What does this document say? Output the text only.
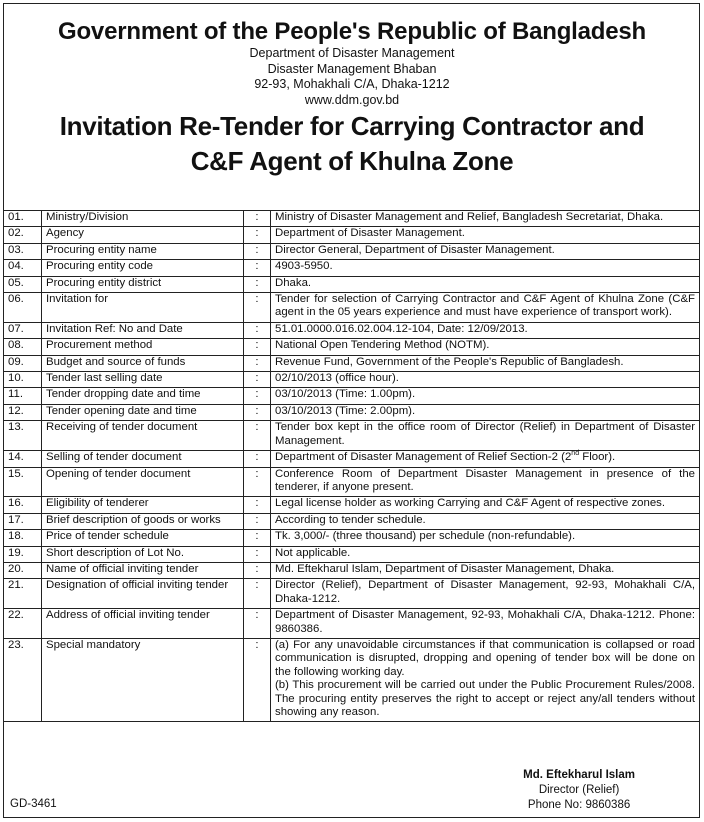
Government of the People's Republic of Bangladesh
Department of Disaster Management
Disaster Management Bhaban
92-93, Mohakhali C/A, Dhaka-1212
www.ddm.gov.bd
Invitation Re-Tender for Carrying Contractor and
C&F Agent of Khulna Zone
01.	Ministry/Division	:	Ministry of Disaster Management and Relief, Bangladesh Secretariat, Dhaka.
02.	Agency	:	Department of Disaster Management.
03.	Procuring entity name	:	Director General, Department of Disaster Management.
04.	Procuring entity code	:	4903-5950.
05.	Procuring entity district	:	Dhaka.
06.	Invitation for	:	Tender for selection of Carrying Contractor and C&F Agent of Khulna Zone (C&F agent in the 05 years experience and must have experience of transport work).
07.	Invitation Ref: No and Date	:	51.01.0000.016.02.004.12-104, Date: 12/09/2013.
08.	Procurement method	:	National Open Tendering Method (NOTM).
09.	Budget and source of funds	:	Revenue Fund, Government of the People's Republic of Bangladesh.
10.	Tender last selling date	:	02/10/2013 (office hour).
11.	Tender dropping date and time	:	03/10/2013 (Time: 1.00pm).
12.	Tender opening date and time	:	03/10/2013 (Time: 2.00pm).
13.	Receiving of tender document	:	Tender box kept in the office room of Director (Relief) in Department of Disaster Management.
14.	Selling of tender document	:	Department of Disaster Management of Relief Section-2 (2nd Floor).
15.	Opening of tender document	:	Conference Room of Department Disaster Management in presence of the tenderer, if anyone present.
16.	Eligibility of tenderer	:	Legal license holder as working Carrying and C&F Agent of respective zones.
17.	Brief description of goods or works	:	According to tender schedule.
18.	Price of tender schedule	:	Tk. 3,000/- (three thousand) per schedule (non-refundable).
19.	Short description of Lot No.	:	Not applicable.
20.	Name of official inviting tender	:	Md. Eftekharul Islam, Department of Disaster Management, Dhaka.
21.	Designation of official inviting tender	:	Director (Relief), Department of Disaster Management, 92-93, Mohakhali C/A, Dhaka-1212.
22.	Address of official inviting tender	:	Department of Disaster Management, 92-93, Mohakhali C/A, Dhaka-1212. Phone: 9860386.
23.	Special mandatory	:	(a) For any unavoidable circumstances if that communication is collapsed or road communication is disrupted, dropping and opening of tender box will be done on the following working day.
(b) This procurement will be carried out under the Public Procurement Rules/2008. The procuring entity preserves the right to accept or reject any/all tenders without showing any reason.
GD-3461
Md. Eftekharul Islam
Director (Relief)
Phone No: 9860386
